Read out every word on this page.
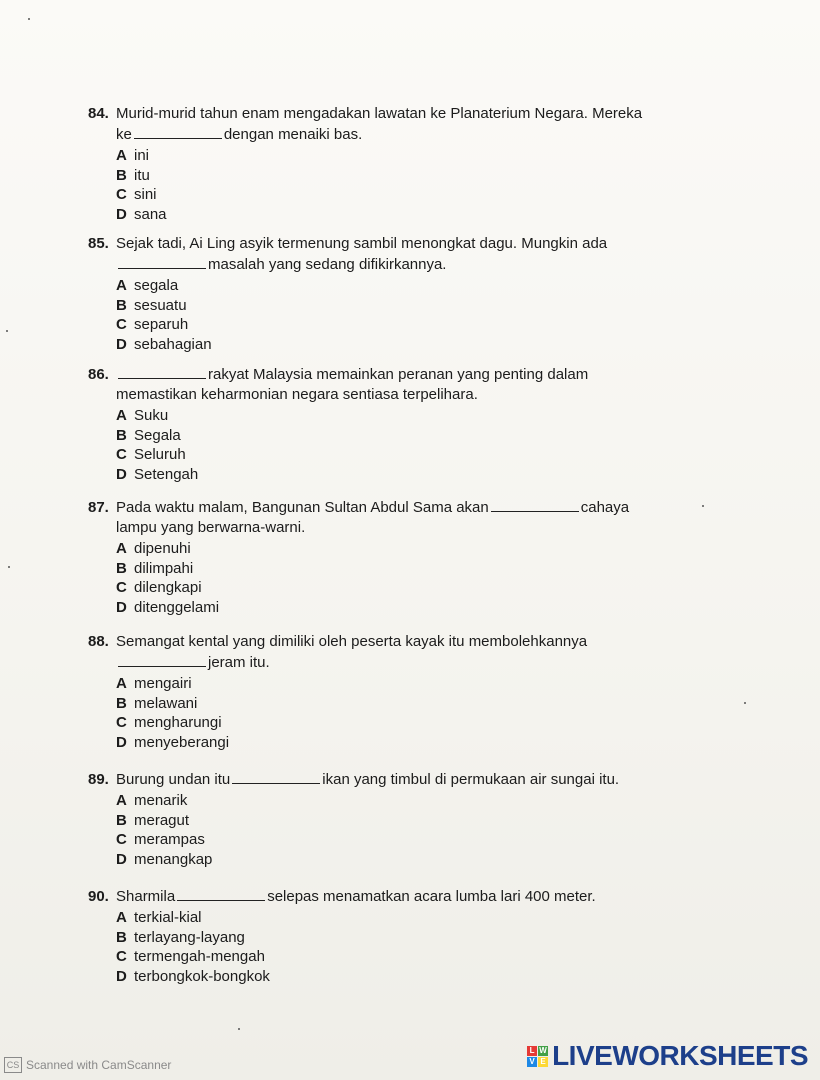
84. Murid-murid tahun enam mengadakan lawatan ke Planaterium Negara. Mereka
ke	dengan menaiki bas.
A ini
B itu
C sini
D sana
85. Sejak tadi, Ai Ling asyik termenung sambil menongkat dagu. Mungkin ada
masalah yang sedang difikirkannya.
A segala
B sesuatu
C separuh
D sebahagian
86.	rakyat Malaysia memainkan peranan yang penting dalam
memastikan keharmonian negara sentiasa terpelihara.
A Suku
B Segala
C Seluruh
D Setengah
87. Pada waktu malam, Bangunan Sultan Abdul Sama akan	cahaya
lampu yang berwarna-warni.
A dipenuhi
B dilimpahi
C dilengkapi
D ditenggelami
88. Semangat kental yang dimiliki oleh peserta kayak itu membolehkannya
jeram itu.
A mengairi
B melawani
C mengharungi
D menyeberangi
89. Burung undan itu	ikan yang timbul di permukaan air sungai itu.
A menarik
B meragut
C merampas
D menangkap
90. Sharmila	selepas menamatkan acara lumba lari 400 meter.
A terkial-kial
B terlayang-layang
C termengah-mengah
D terbongkok-bongkok
CS Scanned with CamScanner
L W
V E LIVEWORKSHEETS
